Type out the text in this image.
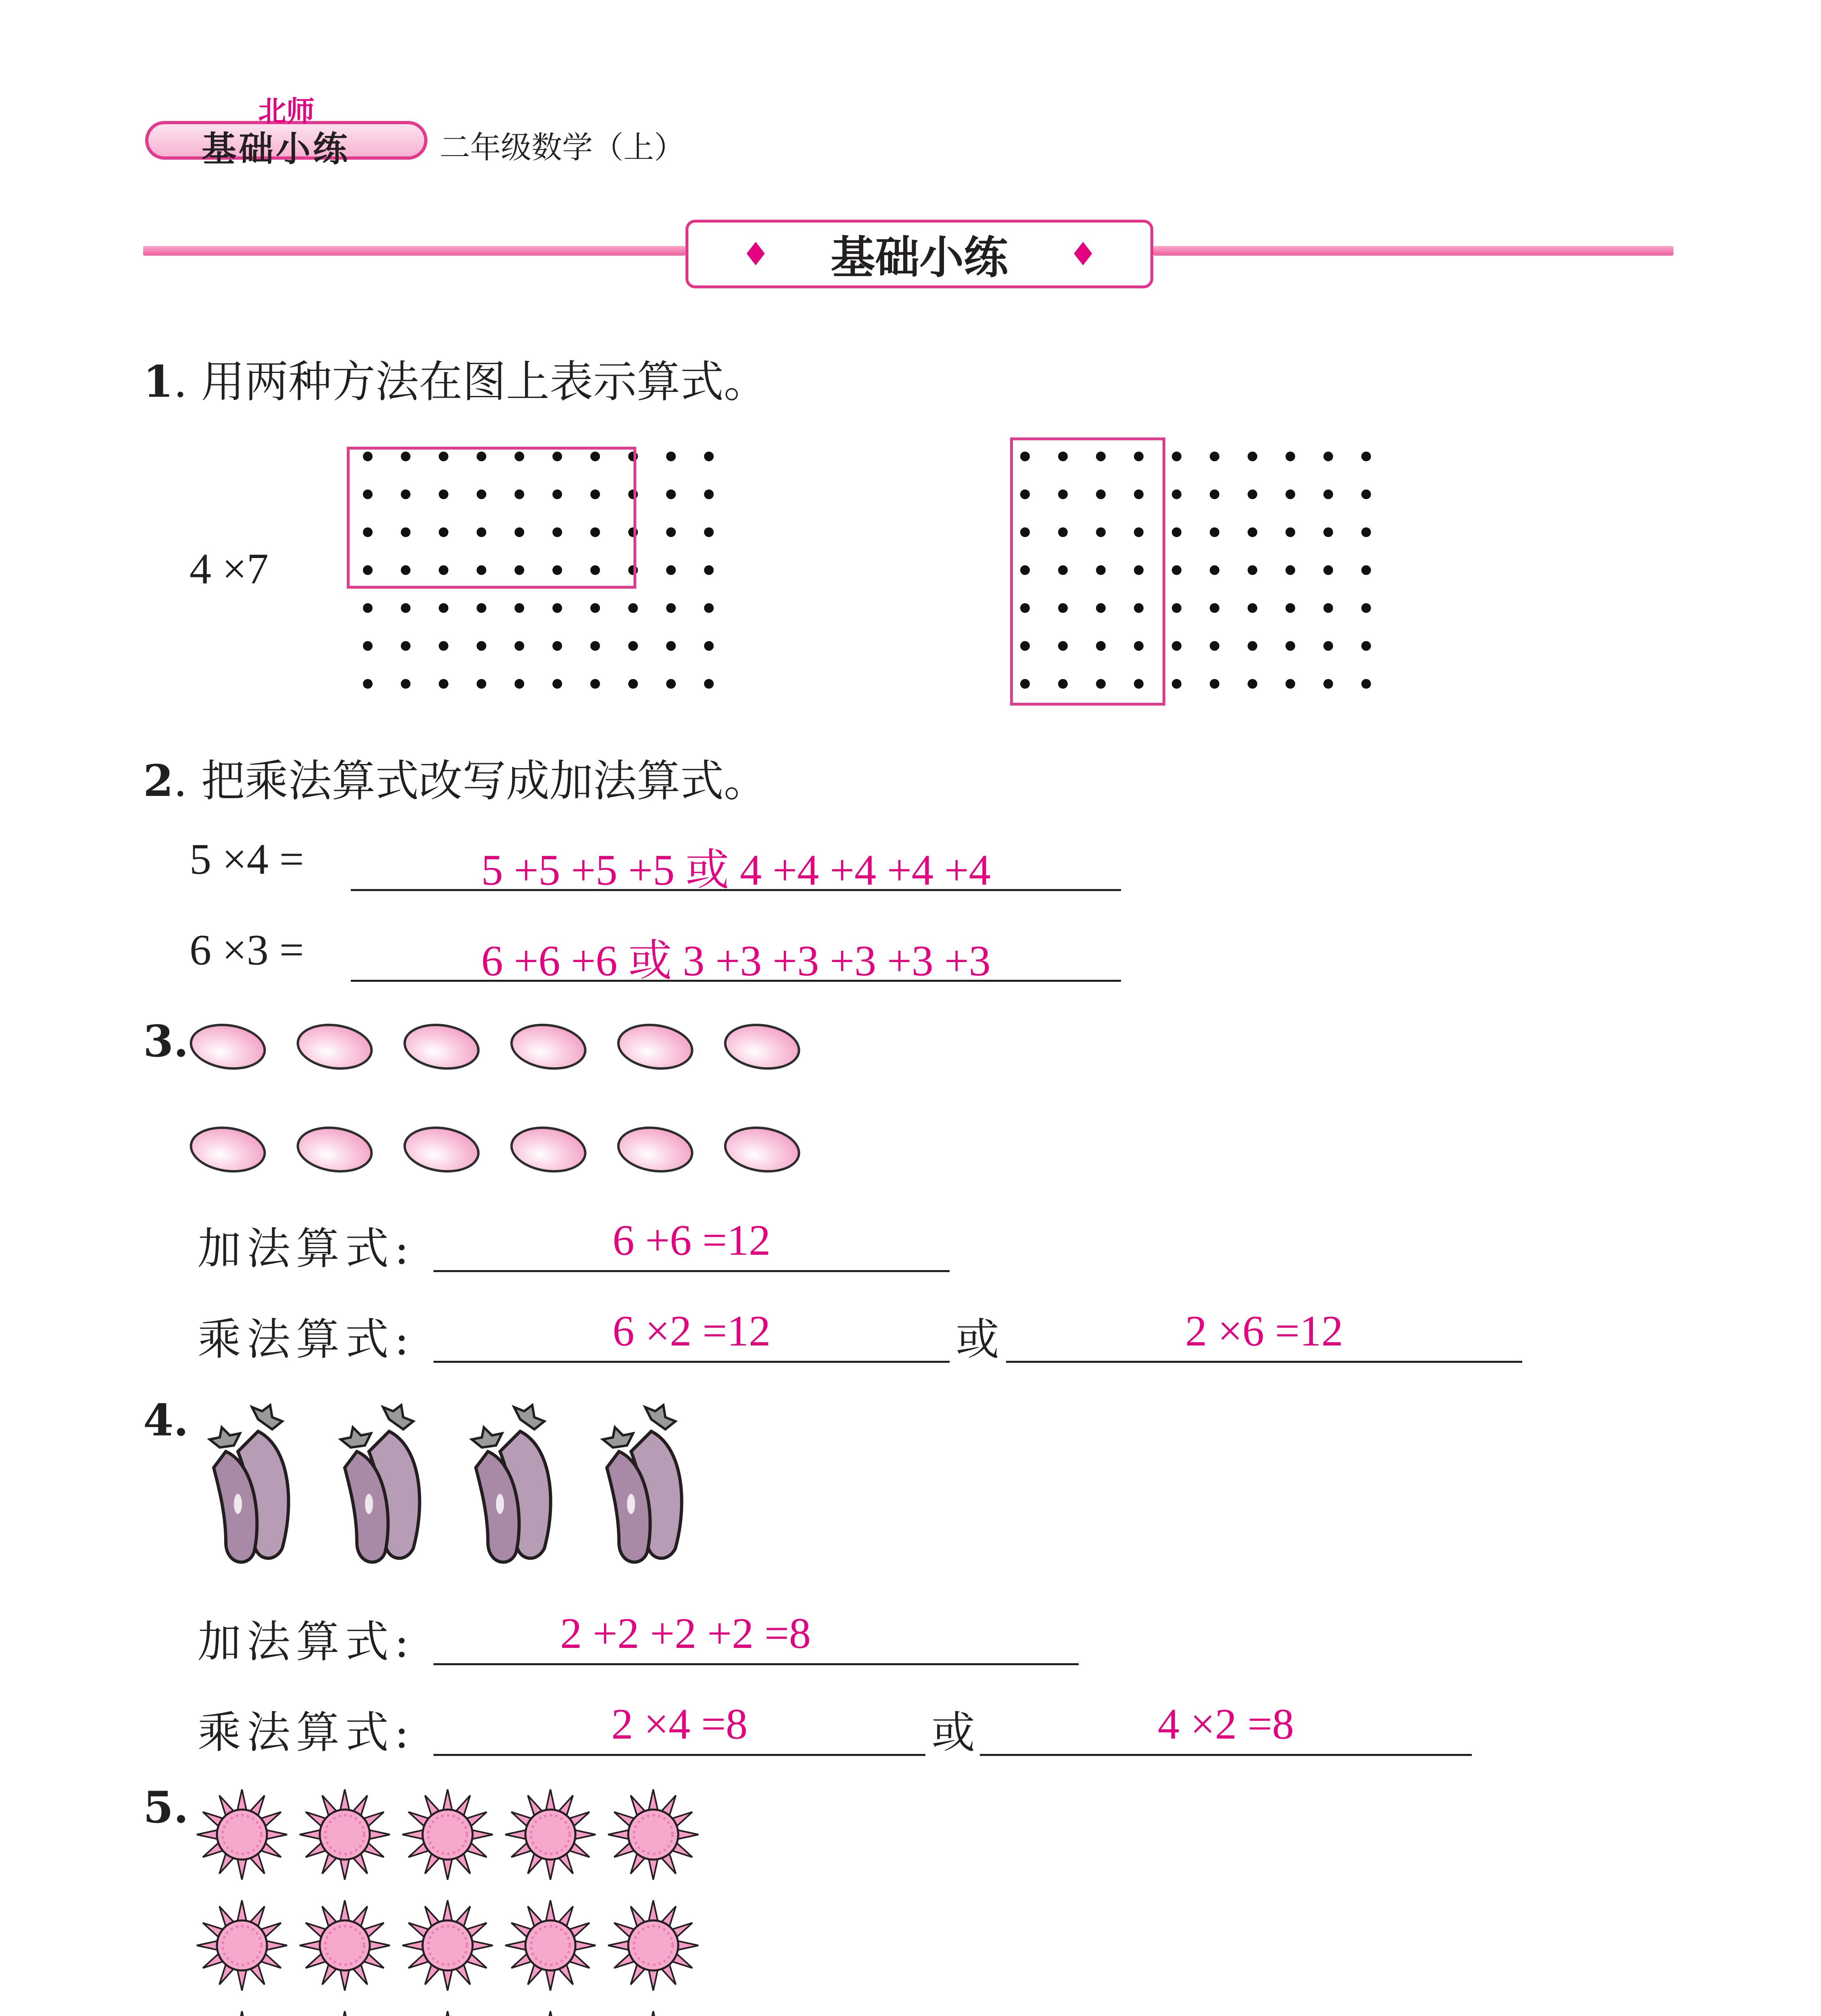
北师
基础小练	二年级数学（上）
♦ 基础小练 ♦
1. 用两种方法在图上表示算式。
4 ×7
2. 把乘法算式改写成加法算式。
5 ×4 =	5 +5 +5 +5 或 4 +4 +4 +4 +4
6 ×3 =	6 +6 +6 或 3 +3 +3 +3 +3 +3
3.
加法算式:	6 +6 =12
乘法算式:	6 ×2 =12	或	2 ×6 =12
4.
加法算式:	2 +2 +2 +2 =8
乘法算式:	2 ×4 =8	或	4 ×2 =8
5.
